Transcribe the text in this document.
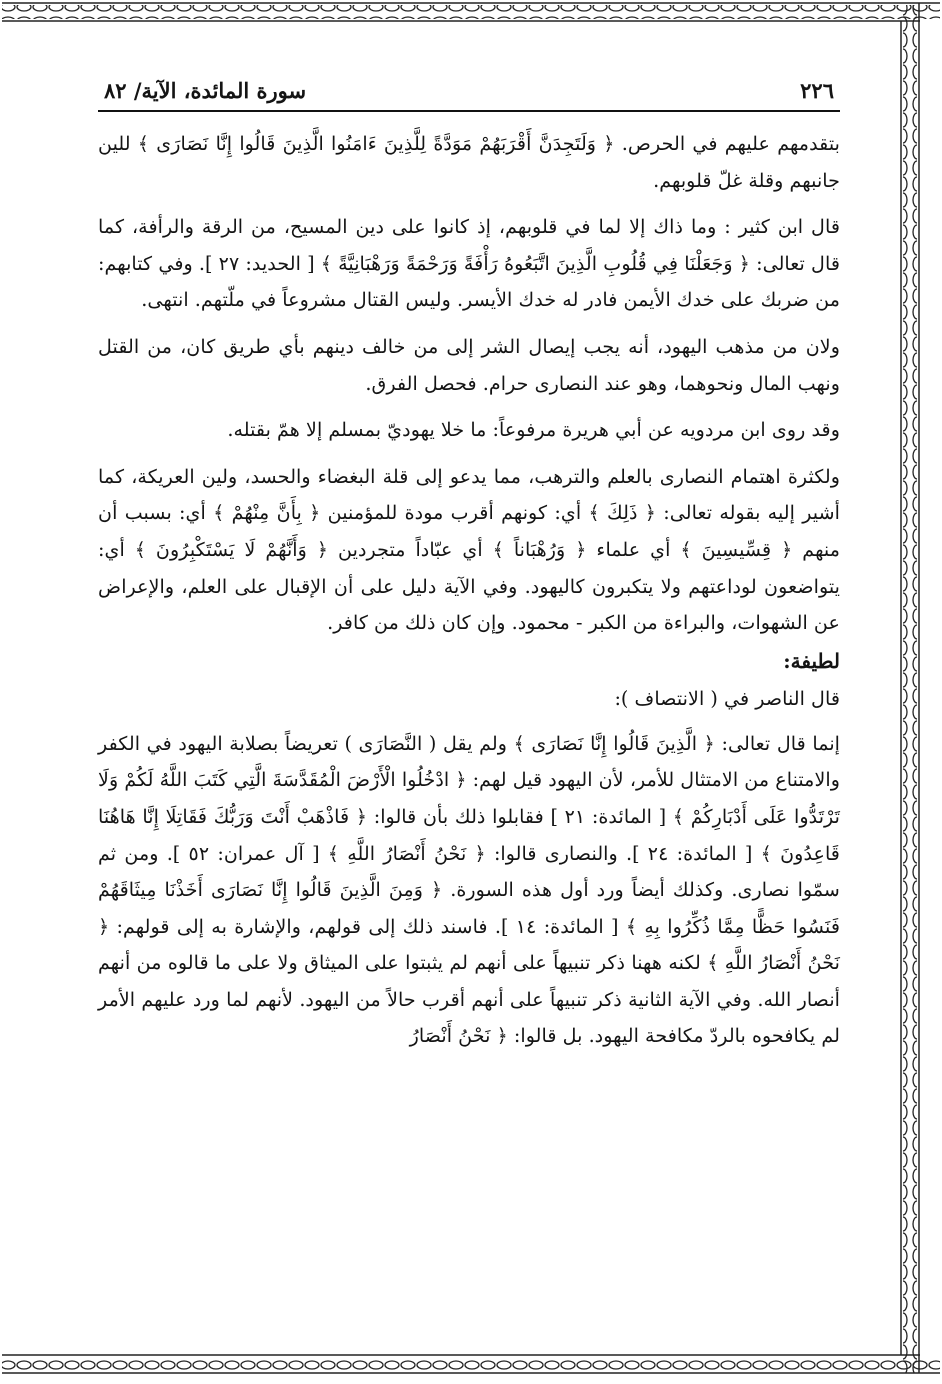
٢٢٦
سورة المائدة، الآية/ ٨٢

بتقدمهم عليهم في الحرص. ﴿ وَلَتَجِدَنَّ أَقْرَبَهُمْ مَوَدَّةً لِلَّذِينَ ءَامَنُوا الَّذِينَ قَالُوا إِنَّا نَصَارَى ﴾ للين جانبهم وقلة غلّ قلوبهم.

قال ابن كثير : وما ذاك إلا لما في قلوبهم، إذ كانوا على دين المسيح، من الرقة والرأفة، كما قال تعالى: ﴿ وَجَعَلْنَا فِي قُلُوبِ الَّذِينَ اتَّبَعُوهُ رَأْفَةً وَرَحْمَةً وَرَهْبَانِيَّةً ﴾ [ الحديد: ٢٧ ]. وفي كتابهم: من ضربك على خدك الأيمن فادر له خدك الأيسر. وليس القتال مشروعاً في ملّتهم. انتهى.

ولان من مذهب اليهود، أنه يجب إيصال الشر إلى من خالف دينهم بأي طريق كان، من القتل ونهب المال ونحوهما، وهو عند النصارى حرام. فحصل الفرق.

وقد روى ابن مردويه عن أبي هريرة مرفوعاً: ما خلا يهوديّ بمسلم إلا همّ بقتله.

ولكثرة اهتمام النصارى بالعلم والترهب، مما يدعو إلى قلة البغضاء والحسد، ولين العريكة، كما أشير إليه بقوله تعالى: ﴿ ذَلِكَ ﴾ أي: كونهم أقرب مودة للمؤمنين ﴿ بِأَنَّ مِنْهُمْ ﴾ أي: بسبب أن منهم ﴿ قِسِّيسِينَ ﴾ أي علماء ﴿ وَرُهْبَاناً ﴾ أي عبّاداً متجردين ﴿ وَأَنَّهُمْ لَا يَسْتَكْبِرُونَ ﴾ أي: يتواضعون لوداعتهم ولا يتكبرون كاليهود. وفي الآية دليل على أن الإقبال على العلم، والإعراض عن الشهوات، والبراءة من الكبر - محمود. وإن كان ذلك من كافر.

لطيفة:

قال الناصر في ( الانتصاف ):

إنما قال تعالى: ﴿ الَّذِينَ قَالُوا إِنَّا نَصَارَى ﴾ ولم يقل ( النَّصَارَى ) تعريضاً بصلابة اليهود في الكفر والامتناع من الامتثال للأمر، لأن اليهود قيل لهم: ﴿ ادْخُلُوا الْأَرْضَ الْمُقَدَّسَةَ الَّتِي كَتَبَ اللَّهُ لَكُمْ وَلَا تَرْتَدُّوا عَلَى أَدْبَارِكُمْ ﴾ [ المائدة: ٢١ ] فقابلوا ذلك بأن قالوا: ﴿ فَاذْهَبْ أَنْتَ وَرَبُّكَ فَقَاتِلَا إِنَّا هَاهُنَا قَاعِدُونَ ﴾ [ المائدة: ٢٤ ]. والنصارى قالوا: ﴿ نَحْنُ أَنْصَارُ اللَّهِ ﴾ [ آل عمران: ٥٢ ]. ومن ثم سمّوا نصارى. وكذلك أيضاً ورد أول هذه السورة. ﴿ وَمِنَ الَّذِينَ قَالُوا إِنَّا نَصَارَى أَخَذْنَا مِيثَاقَهُمْ فَنَسُوا حَظًّا مِمَّا ذُكِّرُوا بِهِ ﴾ [ المائدة: ١٤ ]. فاسند ذلك إلى قولهم، والإشارة به إلى قولهم: ﴿ نَحْنُ أَنْصَارُ اللَّهِ ﴾ لكنه ههنا ذكر تنبيهاً على أنهم لم يثبتوا على الميثاق ولا على ما قالوه من أنهم أنصار الله. وفي الآية الثانية ذكر تنبيهاً على أنهم أقرب حالاً من اليهود. لأنهم لما ورد عليهم الأمر لم يكافحوه بالردّ مكافحة اليهود. بل قالوا: ﴿ نَحْنُ أَنْصَارُ
